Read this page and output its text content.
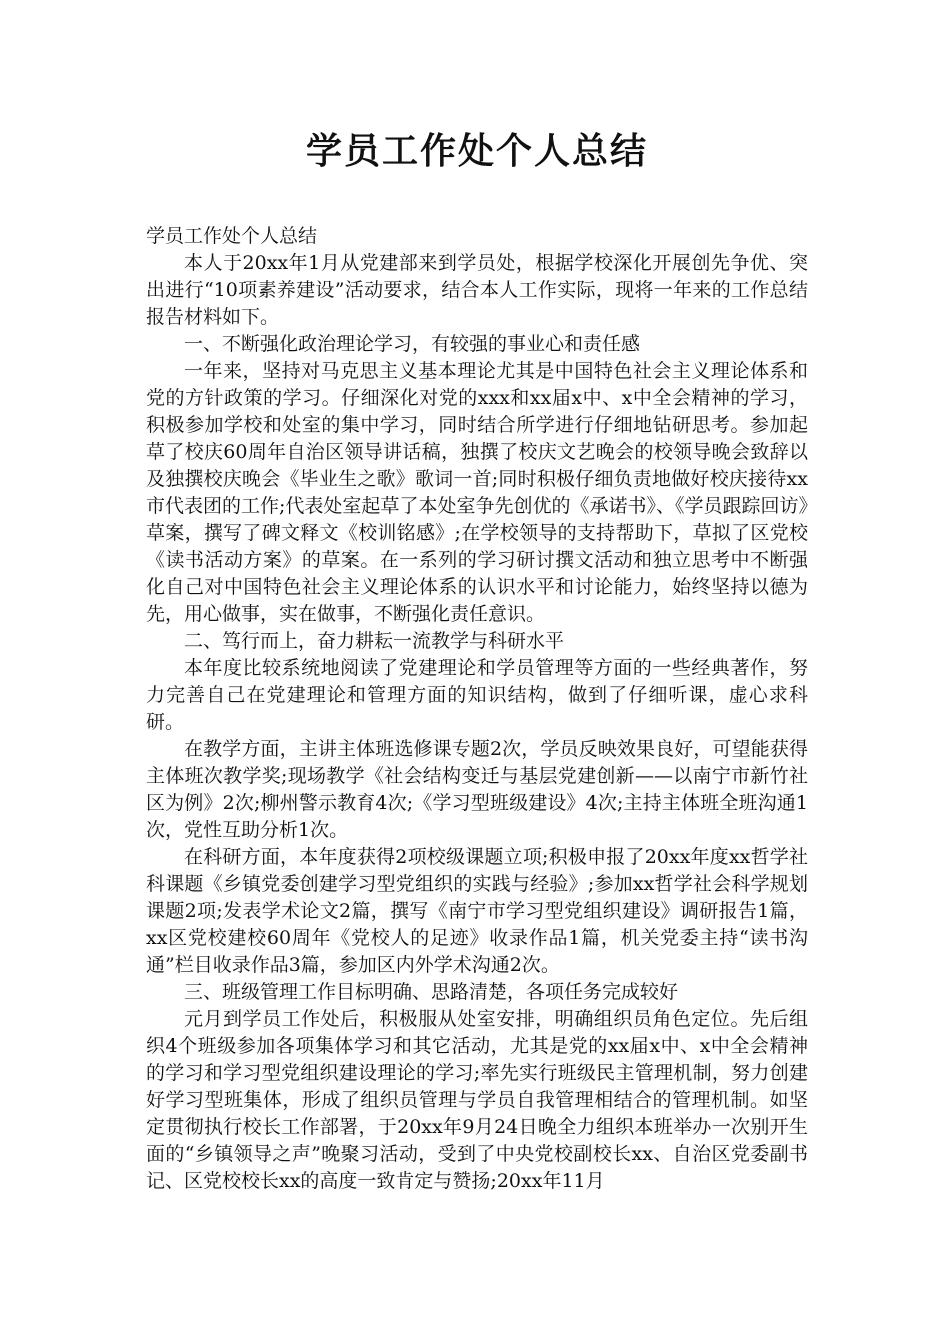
学员工作处个人总结

学员工作处个人总结

本人于20xx年1月从党建部来到学员处，根据学校深化开展创先争优、突出进行“10项素养建设”活动要求，结合本人工作实际，现将一年来的工作总结报告材料如下。

一、不断强化政治理论学习，有较强的事业心和责任感

一年来，坚持对马克思主义基本理论尤其是中国特色社会主义理论体系和党的方针政策的学习。仔细深化对党的xxx和xx届x中、x中全会精神的学习，积极参加学校和处室的集中学习，同时结合所学进行仔细地钻研思考。参加起草了校庆60周年自治区领导讲话稿，独撰了校庆文艺晚会的校领导晚会致辞以及独撰校庆晚会《毕业生之歌》歌词一首;同时积极仔细负责地做好校庆接待xx市代表团的工作;代表处室起草了本处室争先创优的《承诺书》、《学员跟踪回访》草案，撰写了碑文释文《校训铭感》;在学校领导的支持帮助下，草拟了区党校《读书活动方案》的草案。在一系列的学习研讨撰文活动和独立思考中不断强化自己对中国特色社会主义理论体系的认识水平和讨论能力，始终坚持以德为先，用心做事，实在做事，不断强化责任意识。

二、笃行而上，奋力耕耘一流教学与科研水平

本年度比较系统地阅读了党建理论和学员管理等方面的一些经典著作，努力完善自己在党建理论和管理方面的知识结构，做到了仔细听课，虚心求科研。

在教学方面，主讲主体班选修课专题2次，学员反映效果良好，可望能获得主体班次教学奖;现场教学《社会结构变迁与基层党建创新——以南宁市新竹社区为例》2次;柳州警示教育4次;《学习型班级建设》4次;主持主体班全班沟通1次，党性互助分析1次。

在科研方面，本年度获得2项校级课题立项;积极申报了20xx年度xx哲学社科课题《乡镇党委创建学习型党组织的实践与经验》;参加xx哲学社会科学规划课题2项;发表学术论文2篇，撰写《南宁市学习型党组织建设》调研报告1篇，xx区党校建校60周年《党校人的足迹》收录作品1篇，机关党委主持“读书沟通”栏目收录作品3篇，参加区内外学术沟通2次。

三、班级管理工作目标明确、思路清楚，各项任务完成较好

元月到学员工作处后，积极服从处室安排，明确组织员角色定位。先后组织4个班级参加各项集体学习和其它活动，尤其是党的xx届x中、x中全会精神的学习和学习型党组织建设理论的学习;率先实行班级民主管理机制，努力创建好学习型班集体，形成了组织员管理与学员自我管理相结合的管理机制。如坚定贯彻执行校长工作部署，于20xx年9月24日晚全力组织本班举办一次别开生面的“乡镇领导之声”晚聚习活动，受到了中央党校副校长xx、自治区党委副书记、区党校校长xx的高度一致肯定与赞扬;20xx年11月
